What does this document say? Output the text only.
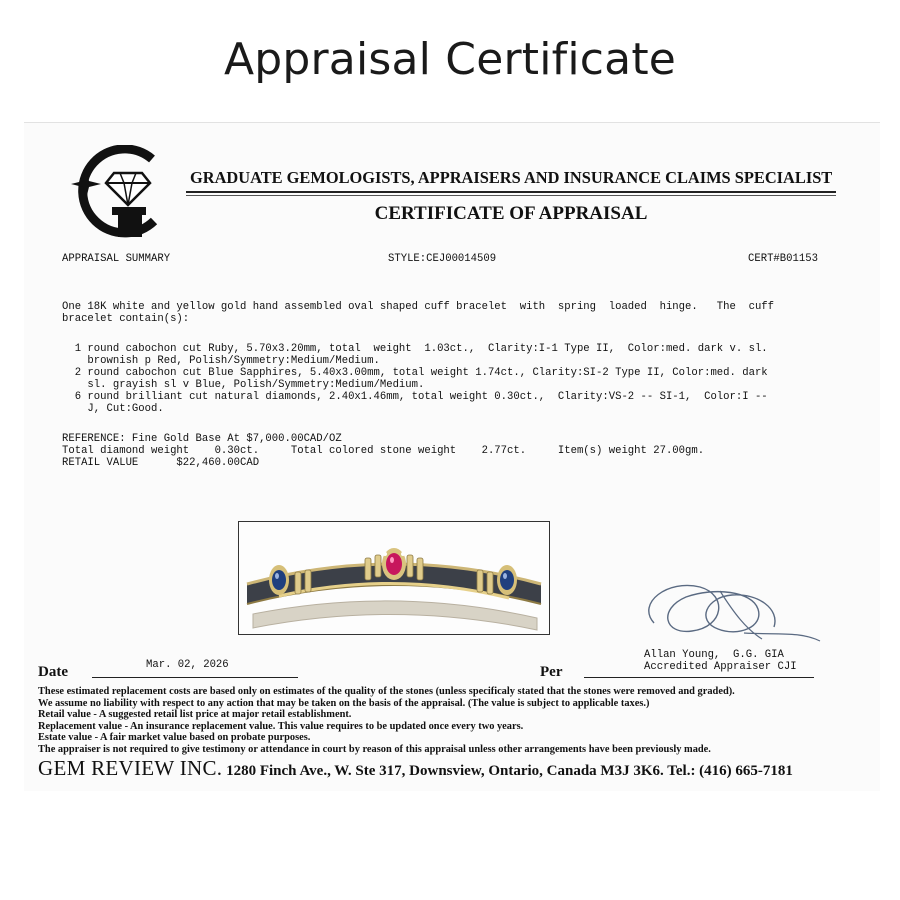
Appraisal Certificate
GRADUATE GEMOLOGISTS, APPRAISERS AND INSURANCE CLAIMS SPECIALIST
CERTIFICATE OF APPRAISAL
APPRAISAL SUMMARY	STYLE:CEJ00014509	CERT#B01153
One 18K white and yellow gold hand assembled oval shaped cuff bracelet  with  spring  loaded  hinge.   The  cuff
bracelet contain(s):
1 round cabochon cut Ruby, 5.70x3.20mm, total  weight  1.03ct.,  Clarity:I-1 Type II,  Color:med. dark v. sl.
brownish p Red, Polish/Symmetry:Medium/Medium.
2 round cabochon cut Blue Sapphires, 5.40x3.00mm, total weight 1.74ct., Clarity:SI-2 Type II, Color:med. dark
sl. grayish sl v Blue, Polish/Symmetry:Medium/Medium.
6 round brilliant cut natural diamonds, 2.40x1.46mm, total weight 0.30ct.,  Clarity:VS-2 -- SI-1,  Color:I --
J, Cut:Good.
REFERENCE: Fine Gold Base At $7,000.00CAD/OZ
Total diamond weight    0.30ct.     Total colored stone weight    2.77ct.     Item(s) weight 27.00gm.
RETAIL VALUE      $22,460.00CAD
Allan Young,  G.G. GIA
Accredited Appraiser CJI
Date	Mar. 02, 2026	Per
These estimated replacement costs are based only on estimates of the quality of the stones (unless specificaly stated that the stones were removed and graded).
We assume no liability with respect to any action that may be taken on the basis of the appraisal. (The value is subject to applicable taxes.)
Retail value - A suggested retail list price at major retail establishment.
Replacement value - An insurance replacement value. This value requires to be updated once every two years.
Estate value - A fair market value based on probate purposes.
The appraiser is not required to give testimony or attendance in court by reason of this appraisal unless other arrangements have been previously made.
GEM REVIEW INC. 1280 Finch Ave., W. Ste 317, Downsview, Ontario, Canada M3J 3K6. Tel.: (416) 665-7181
